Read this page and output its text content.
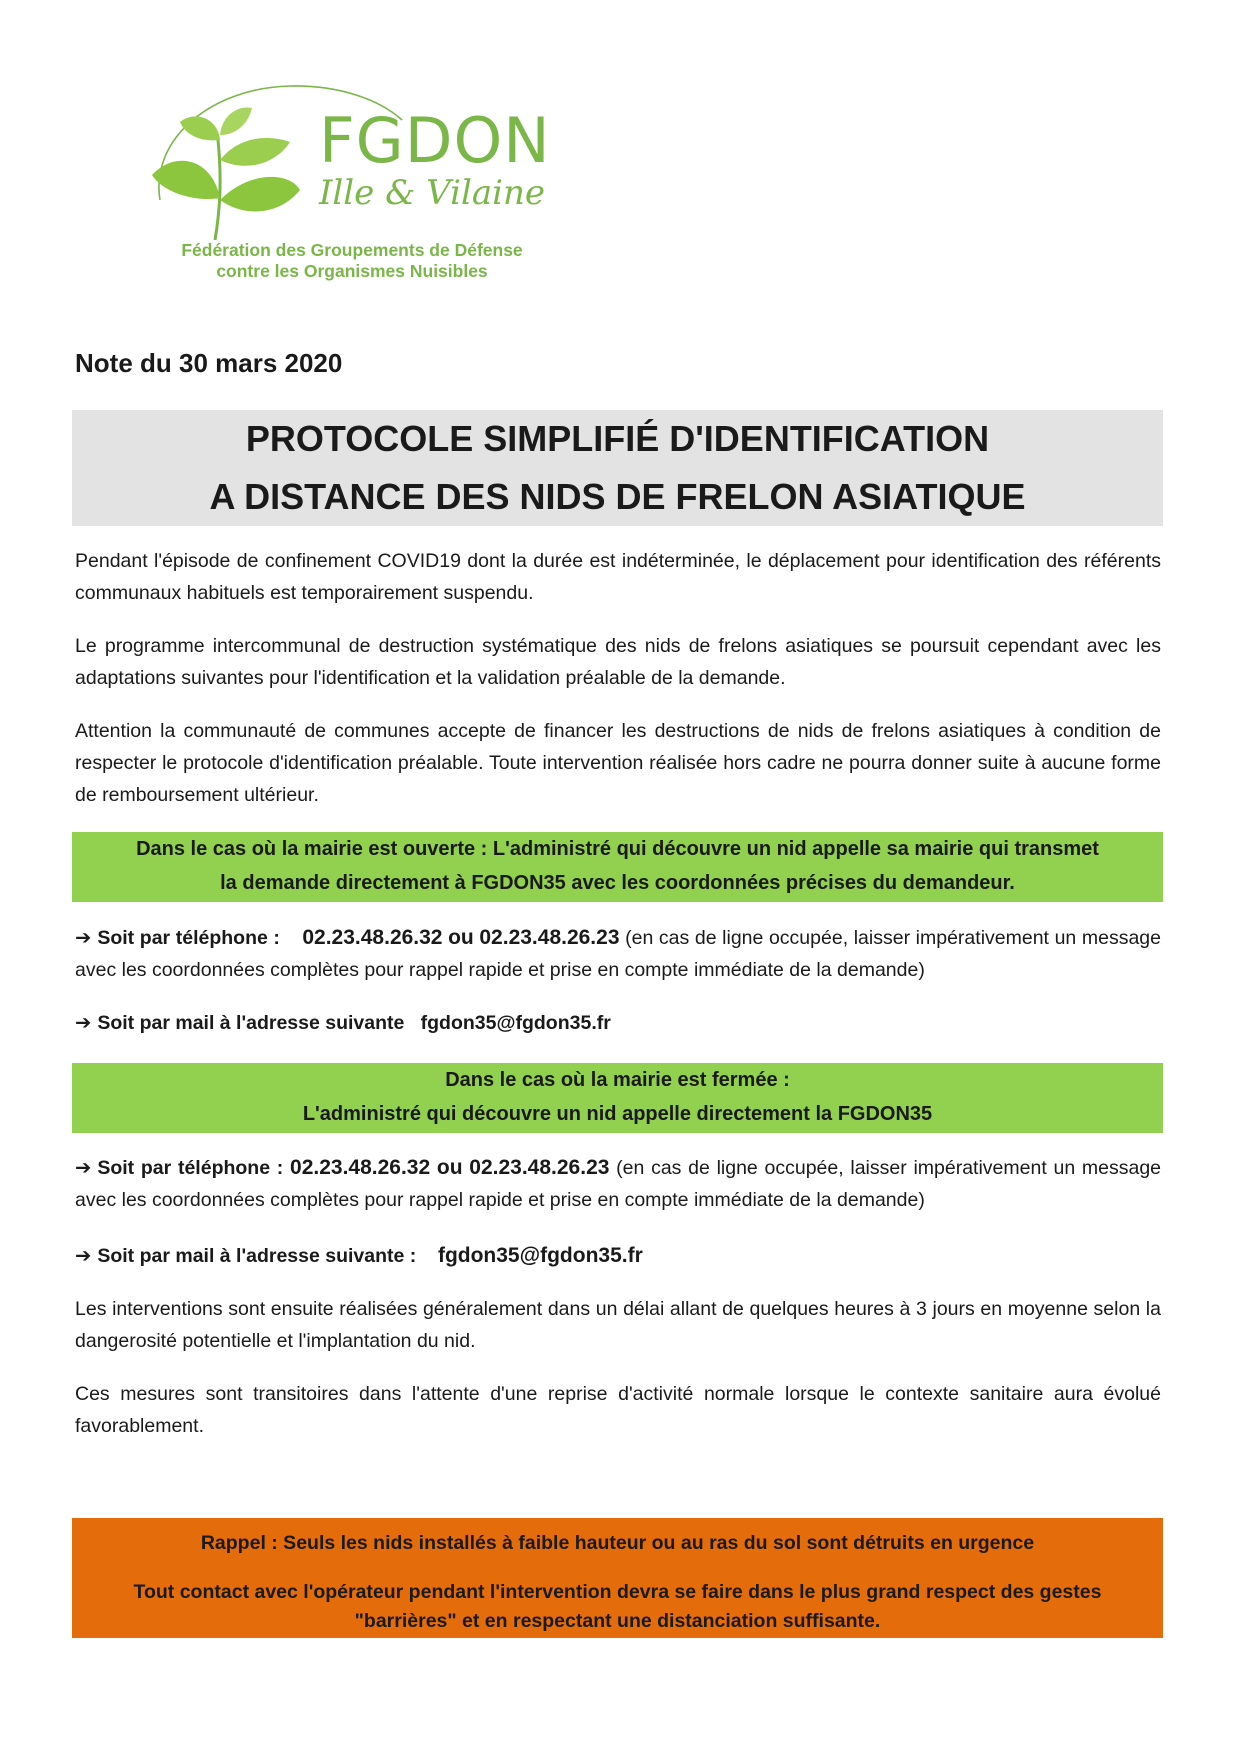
FGDON
Ille & Vilaine
Fédération des Groupements de Défense
contre les Organismes Nuisibles
Note du 30 mars 2020
PROTOCOLE SIMPLIFIÉ D'IDENTIFICATION
A DISTANCE DES NIDS DE FRELON ASIATIQUE
Pendant l'épisode de confinement COVID19 dont la durée est indéterminée, le déplacement pour identification des référents communaux habituels est temporairement suspendu.
Le programme intercommunal de destruction systématique des nids de frelons asiatiques se poursuit cependant avec les adaptations suivantes pour l'identification et la validation préalable de la demande.
Attention la communauté de communes accepte de financer les destructions de nids de frelons asiatiques à condition de respecter le protocole d'identification préalable. Toute intervention réalisée hors cadre ne pourra donner suite à aucune forme de remboursement ultérieur.
Dans le cas où la mairie est ouverte : L'administré qui découvre un nid appelle sa mairie qui transmet
la demande directement à FGDON35 avec les coordonnées précises du demandeur.
➔ Soit par téléphone : 02.23.48.26.32 ou 02.23.48.26.23 (en cas de ligne occupée, laisser impérativement un message avec les coordonnées complètes pour rappel rapide et prise en compte immédiate de la demande)
➔ Soit par mail à l'adresse suivante fgdon35@fgdon35.fr
Dans le cas où la mairie est fermée :
L'administré qui découvre un nid appelle directement la FGDON35
➔ Soit par téléphone : 02.23.48.26.32 ou 02.23.48.26.23 (en cas de ligne occupée, laisser impérativement un message avec les coordonnées complètes pour rappel rapide et prise en compte immédiate de la demande)
➔ Soit par mail à l'adresse suivante : fgdon35@fgdon35.fr
Les interventions sont ensuite réalisées généralement dans un délai allant de quelques heures à 3 jours en moyenne selon la dangerosité potentielle et l'implantation du nid.
Ces mesures sont transitoires dans l'attente d'une reprise d'activité normale lorsque le contexte sanitaire aura évolué favorablement.
Rappel : Seuls les nids installés à faible hauteur ou au ras du sol sont détruits en urgence
Tout contact avec l'opérateur pendant l'intervention devra se faire dans le plus grand respect des gestes
"barrières" et en respectant une distanciation suffisante.
